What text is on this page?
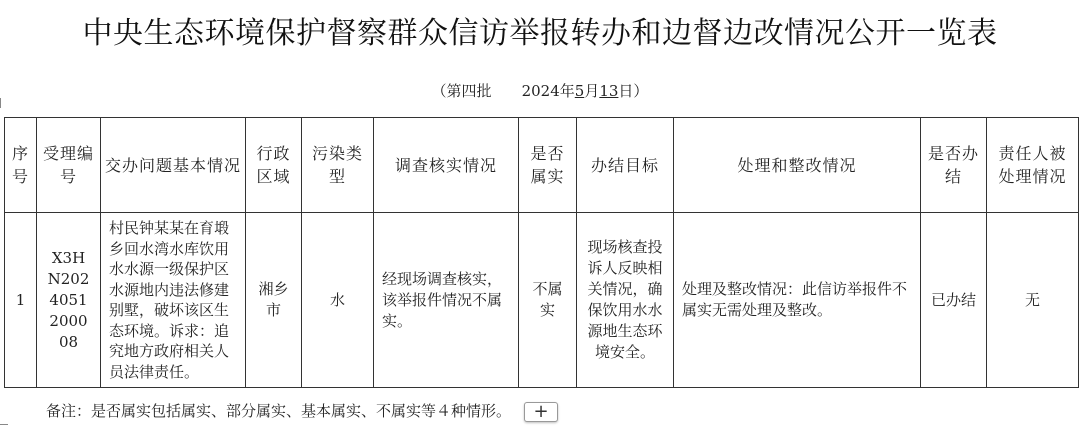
中央生态环境保护督察群众信访举报转办和边督边改情况公开一览表
（第四批 2024年5月13日）
序号	受理编号	交办问题基本情况	行政区域	污染类型	调查核实情况	是否属实	办结目标	处理和整改情况	是否办结	责任人被处理情况
1	X3HN2024051200008	村民钟某某在育塅乡回水湾水库饮用水水源一级保护区水源地内违法修建别墅，破坏该区生态环境。诉求：追究地方政府相关人员法律责任。	湘乡市	水	经现场调查核实，该举报件情况不属实。	不属实	现场核查投诉人反映相关情况，确保饮用水水源地生态环境安全。	处理及整改情况：此信访举报件不属实无需处理及整改。	已办结	无
备注：是否属实包括属实、部分属实、基本属实、不属实等４种情形。	+
